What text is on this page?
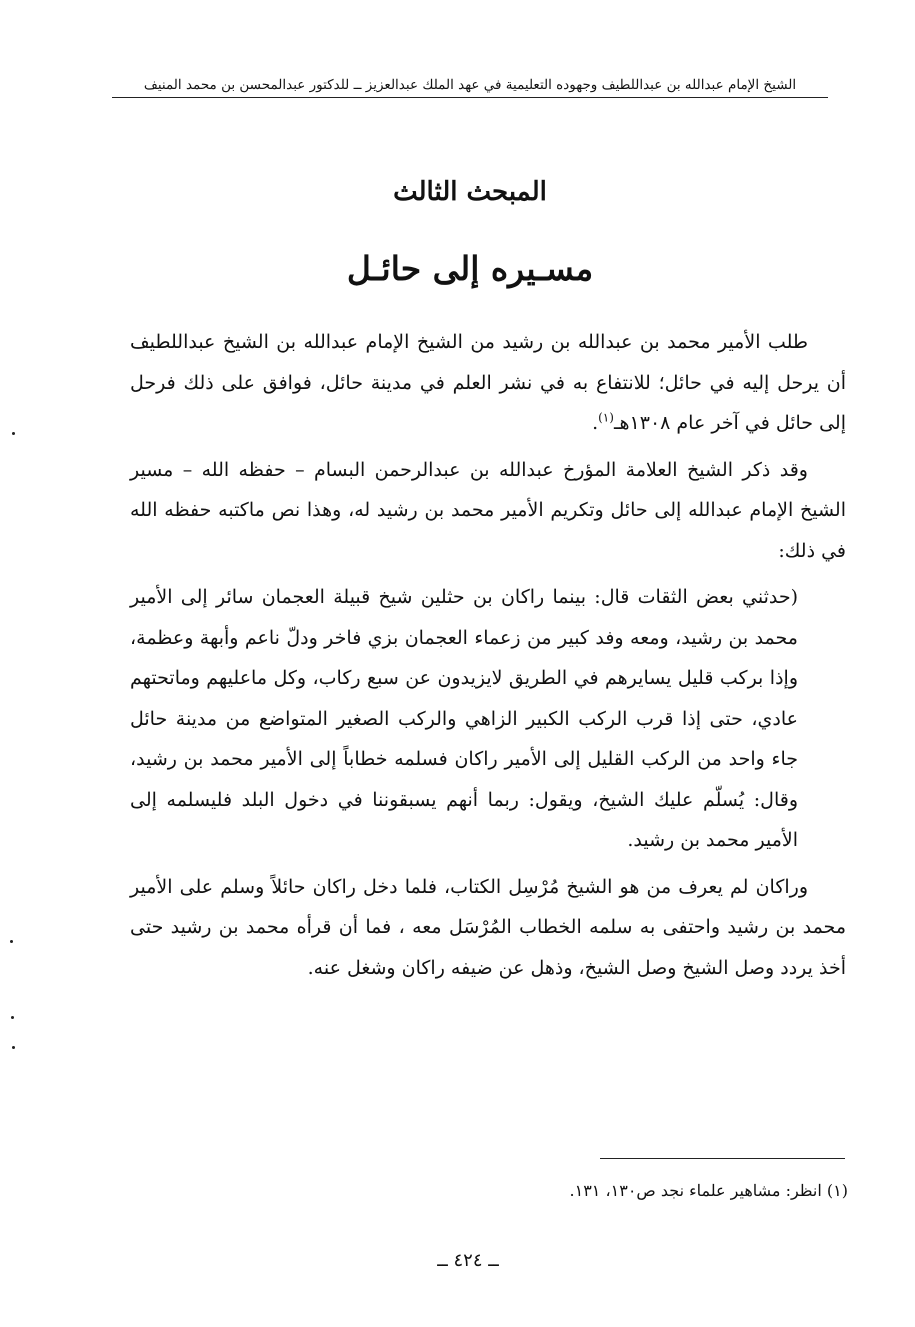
الشيخ الإمام عبدالله بن عبداللطيف وجهوده التعليمية في عهد الملك عبدالعزيز ــ للدكتور عبدالمحسن بن محمد المنيف
المبحث الثالث
مسـيره إلى حائـل

طلب الأمير محمد بن عبدالله بن رشيد من الشيخ الإمام عبدالله بن الشيخ عبداللطيف أن يرحل إليه في حائل؛ للانتفاع به في نشر العلم في مدينة حائل، فوافق على ذلك فرحل إلى حائل في آخر عام ١٣٠٨هـ$^{(١)}$.

وقد ذكر الشيخ العلامة المؤرخ عبدالله بن عبدالرحمن البسام – حفظه الله – مسير الشيخ الإمام عبدالله إلى حائل وتكريم الأمير محمد بن رشيد له، وهذا نص ماكتبه حفظه الله في ذلك:

(حدثني بعض الثقات قال: بينما راكان بن حثلين شيخ قبيلة العجمان سائر إلى الأمير محمد بن رشيد، ومعه وفد كبير من زعماء العجمان بزي فاخر ودلّ ناعم وأبهة وعظمة، وإذا بركب قليل يسايرهم في الطريق لايزيدون عن سبع ركاب، وكل ماعليهم وماتحتهم عادي، حتى إذا قرب الركب الكبير الزاهي والركب الصغير المتواضع من مدينة حائل جاء واحد من الركب القليل إلى الأمير راكان فسلمه خطاباً إلى الأمير محمد بن رشيد، وقال: يُسلّم عليك الشيخ، ويقول: ربما أنهم يسبقوننا في دخول البلد فليسلمه إلى الأمير محمد بن رشيد.

وراكان لم يعرف من هو الشيخ مُرْسِل الكتاب، فلما دخل راكان حائلاً وسلم على الأمير محمد بن رشيد واحتفى به سلمه الخطاب المُرْسَل معه ، فما أن قرأه محمد بن رشيد حتى أخذ يردد وصل الشيخ وصل الشيخ، وذهل عن ضيفه راكان وشغل عنه.

(١) انظر: مشاهير علماء نجد ص١٣٠، ١٣١.
ــ ٤٢٤ ــ
